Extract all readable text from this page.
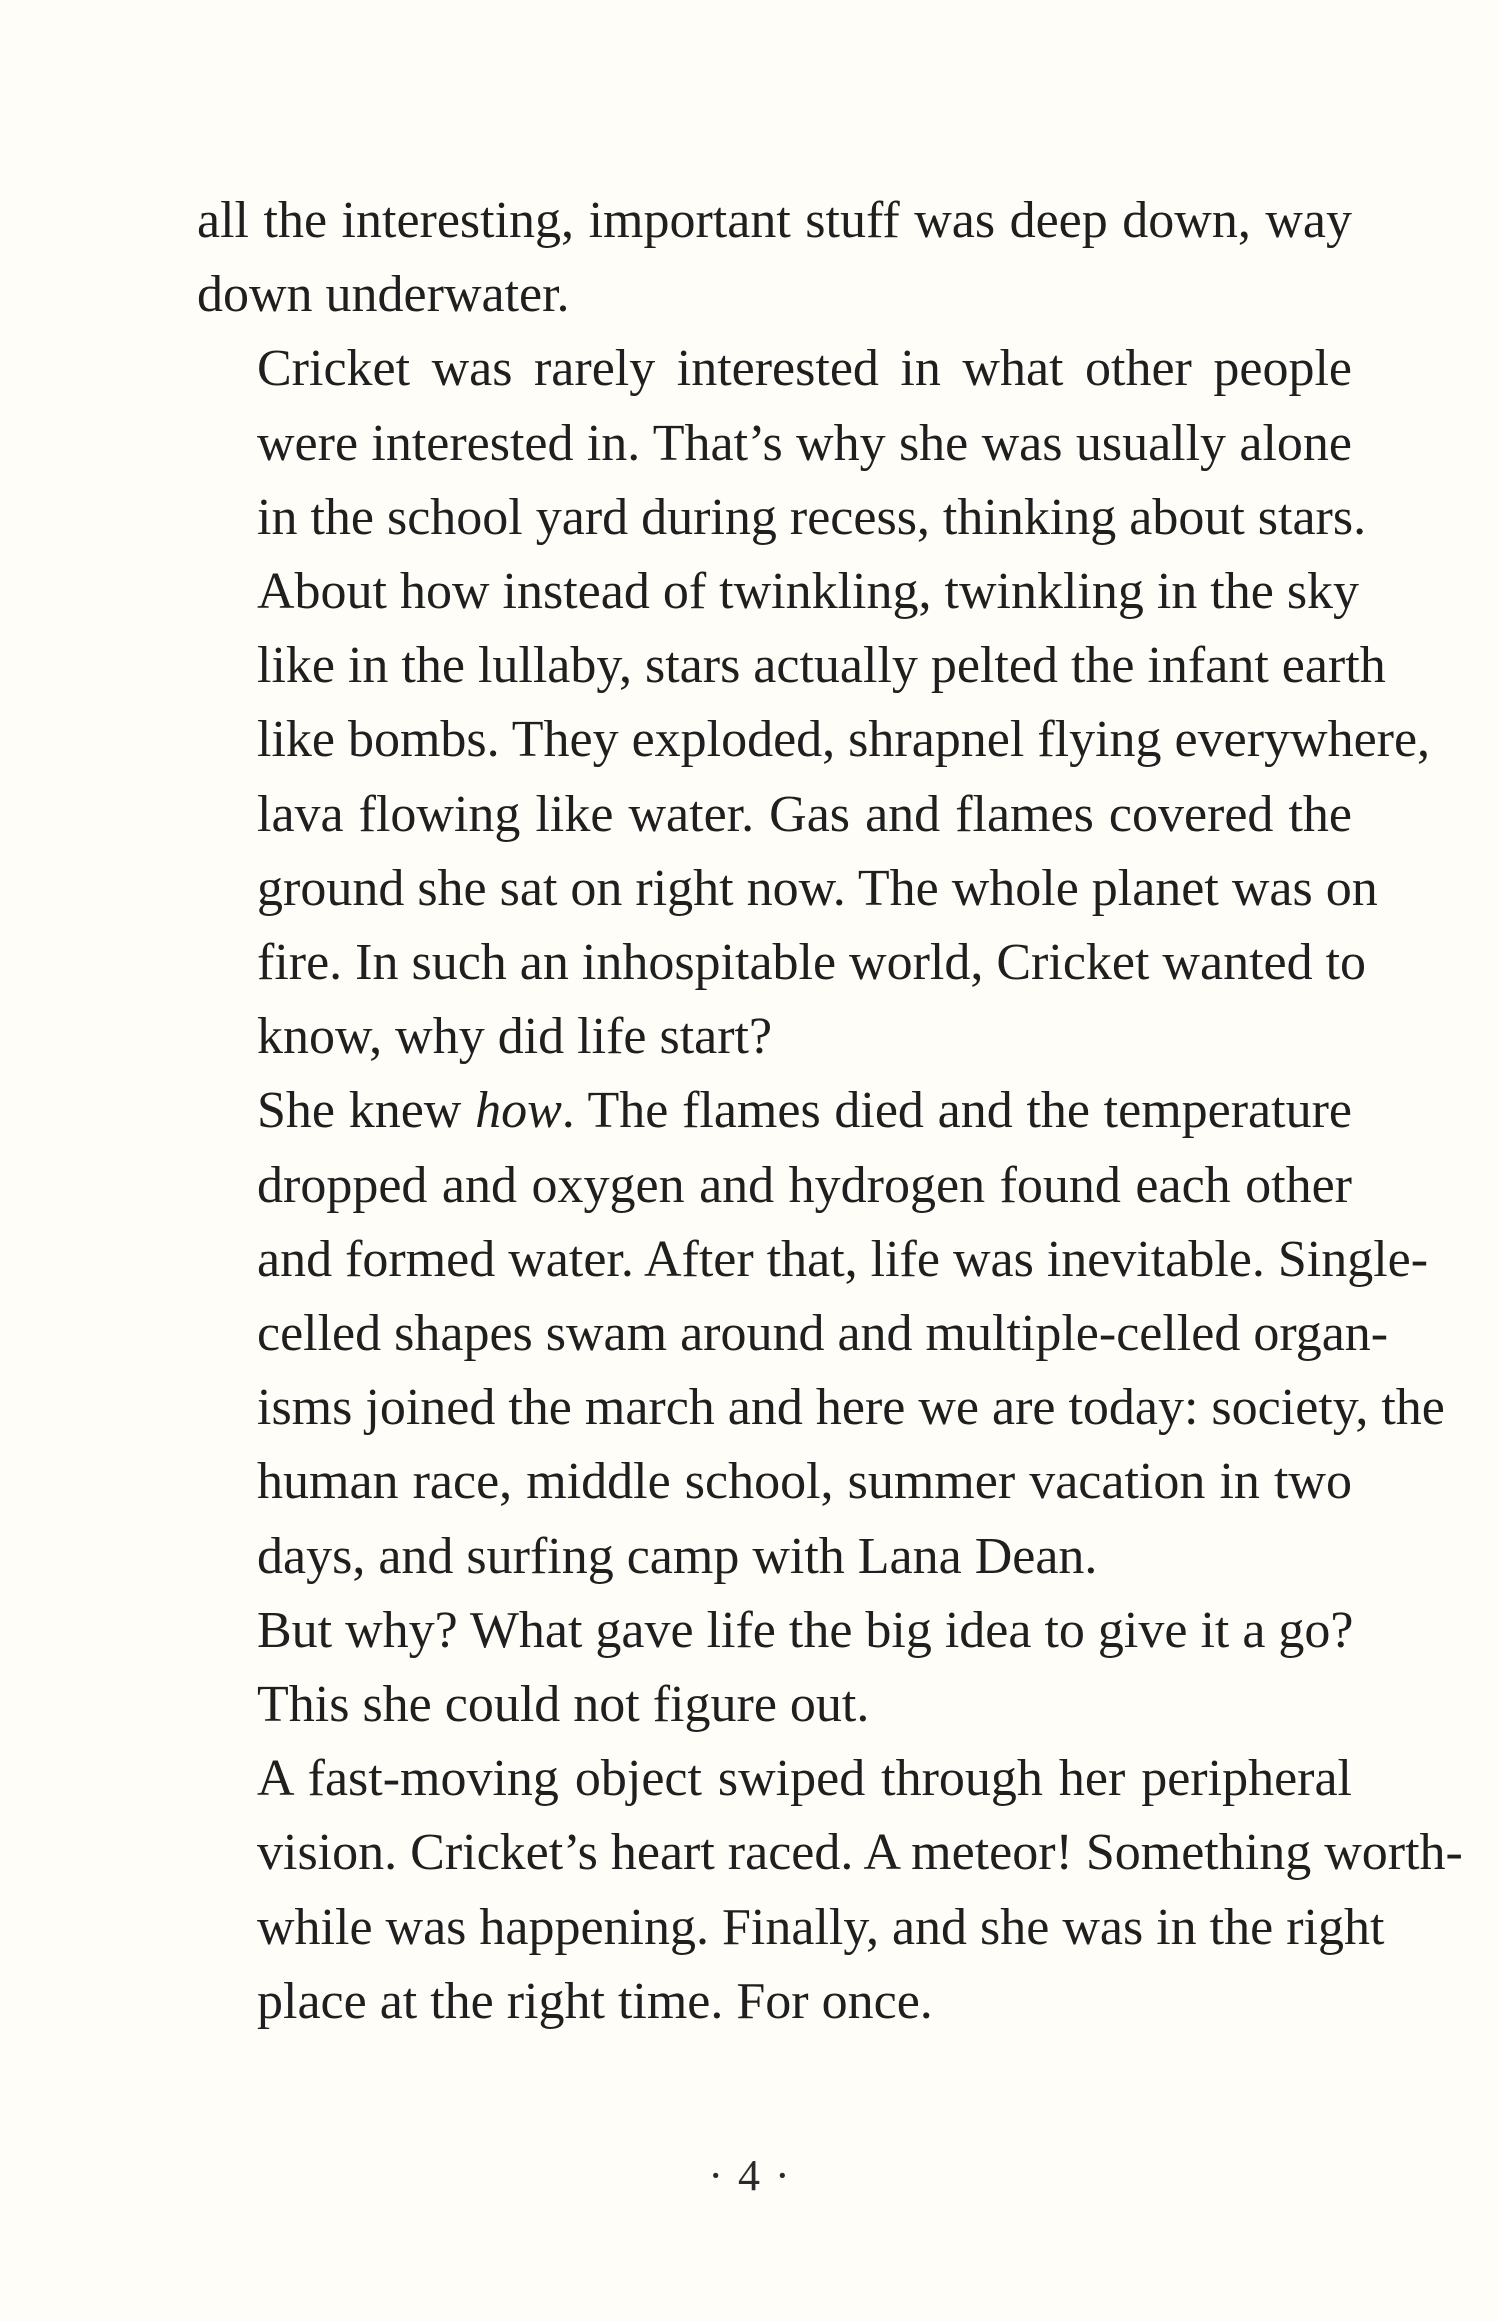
all the interesting, important stuff was deep down, way
down underwater.

Cricket was rarely interested in what other people
were interested in. That’s why she was usually alone
in the school yard during recess, thinking about stars.
About how instead of twinkling, twinkling in the sky
like in the lullaby, stars actually pelted the infant earth
like bombs. They exploded, shrapnel flying everywhere,
lava flowing like water. Gas and flames covered the
ground she sat on right now. The whole planet was on
fire. In such an inhospitable world, Cricket wanted to
know, why did life start?

She knew how. The flames died and the temperature
dropped and oxygen and hydrogen found each other
and formed water. After that, life was inevitable. Single-
celled shapes swam around and multiple-celled organ-
isms joined the march and here we are today: society, the
human race, middle school, summer vacation in two
days, and surfing camp with Lana Dean.

But why? What gave life the big idea to give it a go?

This she could not figure out.

A fast-moving object swiped through her peripheral
vision. Cricket’s heart raced. A meteor! Something worth-
while was happening. Finally, and she was in the right
place at the right time. For once.

· 4 ·
